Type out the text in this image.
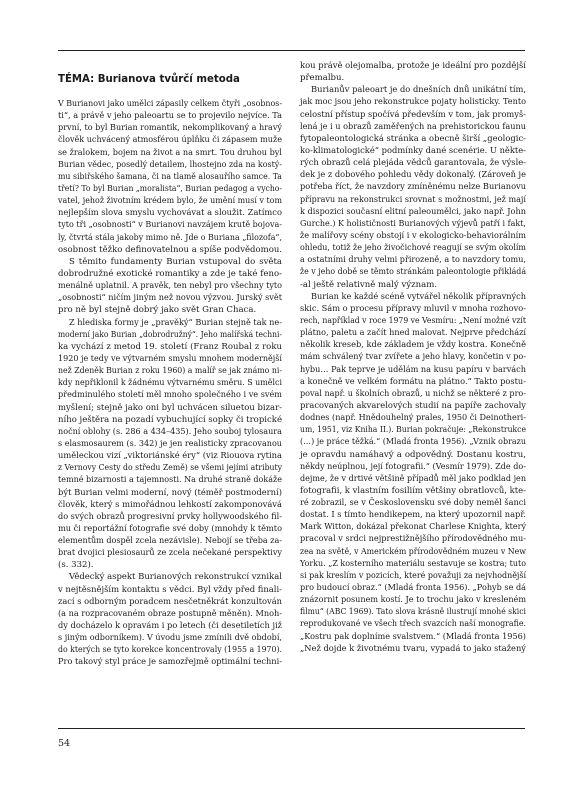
TÉMA: Burianova tvůrčí metoda
V Burianovi jako umělci zápasily celkem čtyři „osobnos-
ti“, a právě v jeho paleoartu se to projevilo nejvíce. Ta
první, to byl Burian romantik, nekomplikovaný a hravý
člověk uchvácený atmosférou úplňku či zápasem muže
se žralokem, bojem na život a na smrt. Tou druhou byl
Burian vědec, posedlý detailem, lhostejno zda na kostý-
mu sibiřského šamana, či na tlamě alosauřího samce. Ta
třetí? To byl Burian „moralista“, Burian pedagog a vycho-
vatel, jehož životním krédem bylo, že umění musí v tom
nejlepším slova smyslu vychovávat a sloužit. Zatímco
tyto tři „osobnosti“ v Burianovi navzájem krutě bojova-
ly, čtvrtá stála jakoby mimo ně. Jde o Buriana „filozofa“,
osobnost těžko definovatelnou a spíše podvědomou.
S těmito fundamenty Burian vstupoval do světa
dobrodružné exotické romantiky a zde je také feno-
menálně uplatnil. A pravěk, ten nebyl pro všechny tyto
„osobnosti“ ničím jiným než novou výzvou. Jurský svět
pro ně byl stejně dobrý jako svět Gran Chaca.
Z hlediska formy je „pravěký“ Burian stejně tak ne-
moderní jako Burian „dobrodružný“. Jeho malířská techni-
ka vychází z metod 19. století (Franz Roubal z roku
1920 je tedy ve výtvarném smyslu mnohem modernější
než Zdeněk Burian z roku 1960) a malíř se jak známo ni-
kdy nepřiklonil k žádnému výtvarnému směru. S umělci
předminulého století měl mnoho společného i ve svém
myšlení; stejně jako oni byl uchvácen siluetou bizar-
ního ještěra na pozadí vybuchující sopky či tropické
noční oblohy (s. 286 a 434–435). Jeho souboj tylosaura
s elasmosaurem (s. 342) je jen realisticky zpracovanou
uměleckou vizí „viktoriánské éry“ (viz Riouova rytina
z Vernovy Cesty do středu Země) se všemi jejími atributy
temné bizarnosti a tajemnosti. Na druhé straně dokáže
být Burian velmi moderní, nový (téměř postmoderní)
člověk, který s mimořádnou lehkostí zakomponovává
do svých obrazů progresivní prvky hollywoodského fil-
mu či reportážní fotografie své doby (mnohdy k těmto
elementům dospěl zcela nezávisle). Nebojí se třeba za-
brat dvojici plesiosaurů ze zcela nečekané perspektivy
(s. 332).
Vědecký aspekt Burianových rekonstrukcí vznikal
v nejtěsnějším kontaktu s vědci. Byl vždy před finali-
zací s odborným poradcem nesčetněkrát konzultován
(a na rozpracovaném obraze postupně měněn). Mnoh-
dy docházelo k opravám i po letech (či desetiletích již
s jiným odborníkem). V úvodu jsme zmínili dvě období,
do kterých se tyto korekce koncentrovaly (1955 a 1970).
Pro takový styl práce je samozřejmě optimální techni-
kou právě olejomalba, protože je ideální pro pozdější
přemalbu.
Burianův paleoart je do dnešních dnů unikátní tím,
jak moc jsou jeho rekonstrukce pojaty holisticky. Tento
celostní přístup spočívá především v tom, jak promyš-
lená je i u obrazů zaměřených na prehistorickou faunu
fytopaleontologická stránka a obecně širší „geologic-
ko-klimatologické“ podmínky dané scenérie. U někte-
rých obrazů celá plejáda vědců garantovala, že výsle-
dek je z dobového pohledu vědy dokonalý. (Zároveň je
potřeba říct, že navzdory zmíněnému nelze Burianovu
přípravu na rekonstrukci srovnat s možnostmi, jež mají
k dispozici současní elitní paleoumělci, jako např. John
Gurche.) K holističnosti Burianových výjevů patří i fakt,
že malířovy scény obstojí i v ekologicko-behaviorálním
ohledu, totiž že jeho živočichové reagují se svým okolím
a ostatními druhy velmi přirozeně, a to navzdory tomu,
že v jeho době se těmto stránkám paleontologie přikládá
-al ještě relativně malý význam.
Burian ke každé scéně vytvářel několik přípravných
skic. Sám o procesu přípravy mluvil v mnoha rozhovo-
rech, například v roce 1979 ve Vesmíru: „Není možné vzít
plátno, paletu a začít hned malovat. Nejprve předchází
několik kreseb, kde základem je vždy kostra. Konečně
mám schválený tvar zvířete a jeho hlavy, končetin v po-
hybu… Pak teprve je udělám na kusu papíru v barvách
a konečně ve velkém formátu na plátno.“ Takto postu-
poval např. u školních obrazů, u nichž se některé z pro-
pracovaných akvarelových studií na papíře zachovaly
dodnes (např. Hnědouhelný prales, 1950 či Deinotheri-
um, 1951, viz Kniha II.). Burian pokračuje: „Rekonstrukce
(…) je práce těžká.“ (Mladá fronta 1956). „Vznik obrazu
je opravdu namáhavý a odpovědný. Dostanu kostru,
někdy neúplnou, její fotografii.“ (Vesmír 1979). Zde do-
dejme, že v drtivé většině případů měl jako podklad jen
fotografii, k vlastním fosiliím většiny obratlovců, kte-
ré zobrazil, se v Československu své doby neměl šanci
dostat. I s tímto hendikepem, na který upozornil např.
Mark Witton, dokázal překonat Charlese Knighta, který
pracoval v srdci nejprestižnějšího přírodovědného mu-
zea na světě, v Americkém přírodovědném muzeu v New
Yorku. „Z kosterního materiálu sestavuje se kostra; tuto
si pak kreslím v pozicích, které považuji za nejvhodnější
pro budoucí obraz.“ (Mladá fronta 1956). „Pohyb se dá
znázornit posunem kostí. Je to trochu jako v kresleném
filmu“ (ABC 1969). Tato slova krásně ilustrují mnohé skici
reprodukované ve všech třech svazcích naší monografie.
„Kostru pak doplníme svalstvem.“ (Mladá fronta 1956)
„Než dojde k životnému tvaru, vypadá to jako stažený
54
